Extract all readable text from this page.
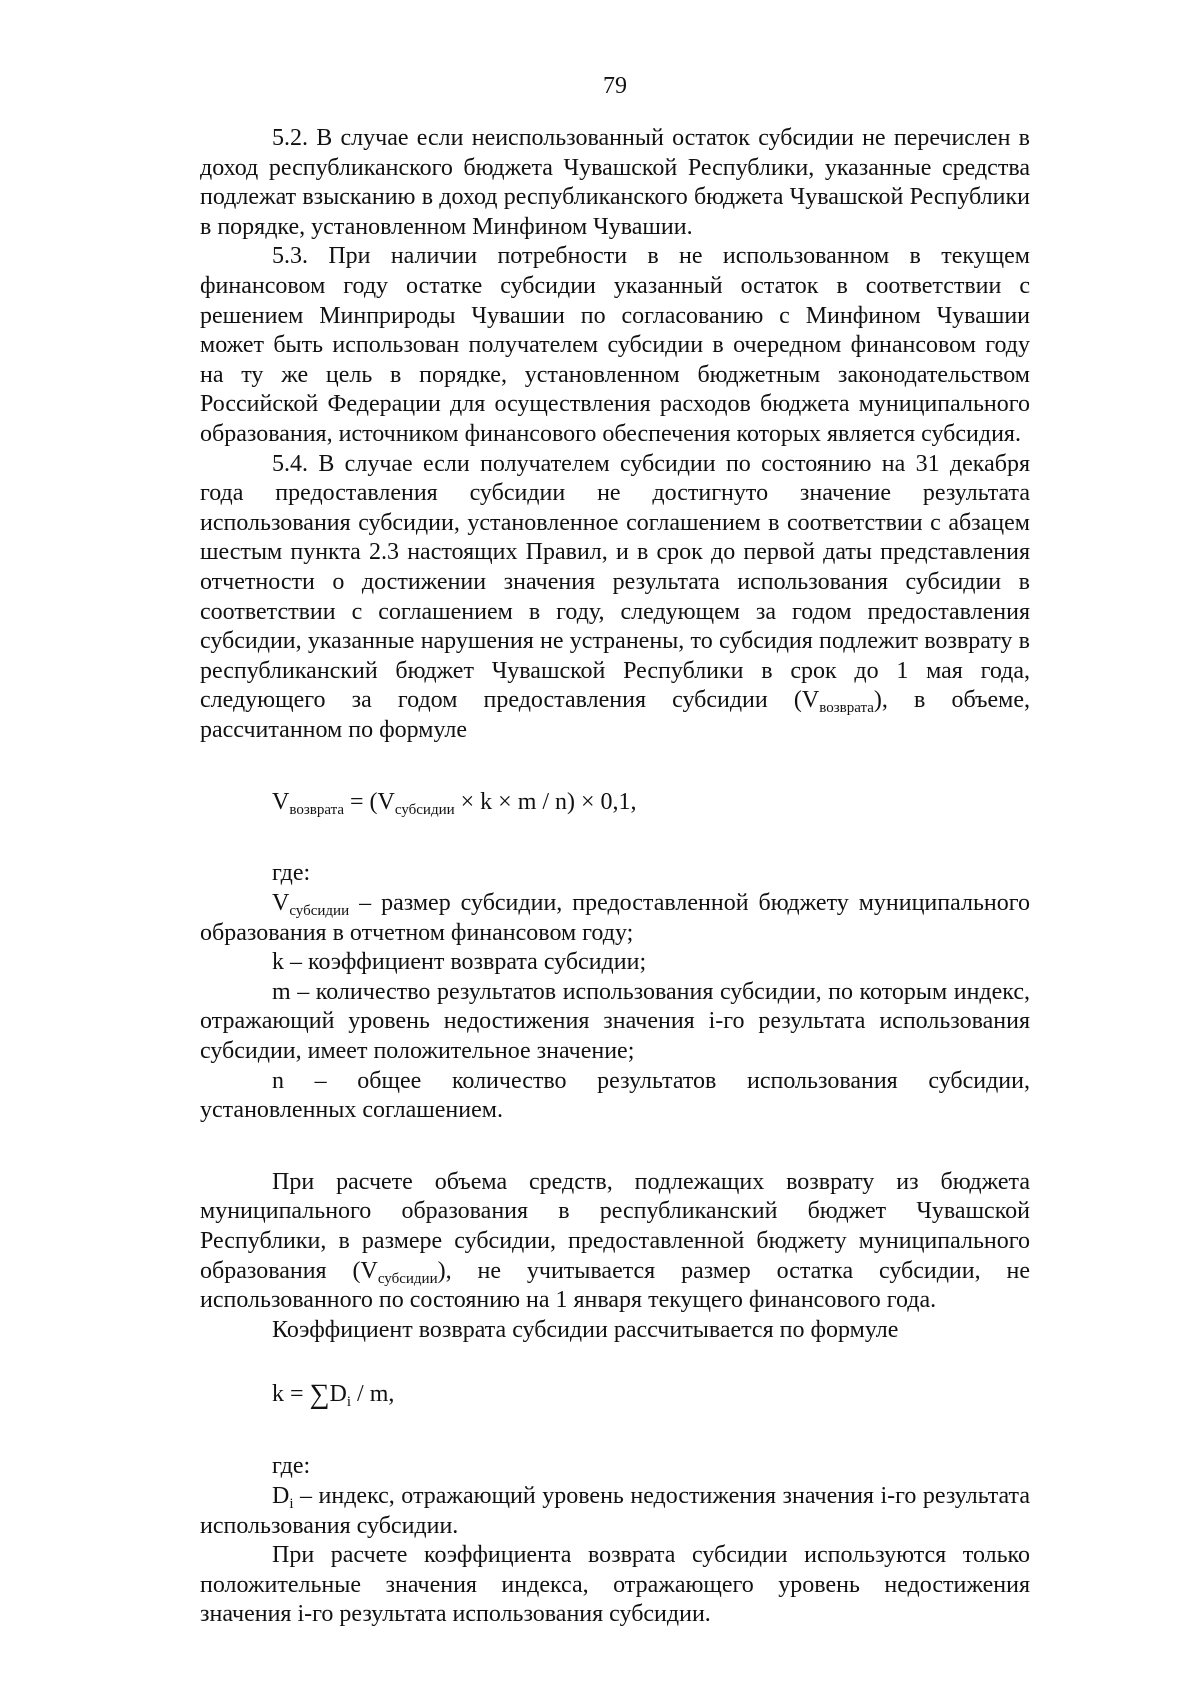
79

5.2. В случае если неиспользованный остаток субсидии не перечислен в доход республиканского бюджета Чувашской Республики, указанные средства подлежат взысканию в доход республиканского бюджета Чувашской Республики в порядке, установленном Минфином Чувашии.

5.3. При наличии потребности в не использованном в текущем финансовом году остатке субсидии указанный остаток в соответствии с решением Минприроды Чувашии по согласованию с Минфином Чувашии может быть использован получателем субсидии в очередном финансовом году на ту же цель в порядке, установленном бюджетным законодательством Российской Федерации для осуществления расходов бюджета муниципального образования, источником финансового обеспечения которых является субсидия.

5.4. В случае если получателем субсидии по состоянию на 31 декабря года предоставления субсидии не достигнуто значение результата использования субсидии, установленное соглашением в соответствии с абзацем шестым пункта 2.3 настоящих Правил, и в срок до первой даты представления отчетности о достижении значения результата использования субсидии в соответствии с соглашением в году, следующем за годом предоставления субсидии, указанные нарушения не устранены, то субсидия подлежит возврату в республиканский бюджет Чувашской Республики в срок до 1 мая года, следующего за годом предоставления субсидии $(V_{возврата})$, в объеме, рассчитанном по формуле

$V_{возврата} = (V_{субсидии} \times k \times m / n) \times 0,1$,

где:

$V_{субсидии}$ – размер субсидии, предоставленной бюджету муниципального образования в отчетном финансовом году;

k – коэффициент возврата субсидии;

m – количество результатов использования субсидии, по которым индекс, отражающий уровень недостижения значения i-го результата использования субсидии, имеет положительное значение;

n – общее количество результатов использования субсидии, установленных соглашением.

При расчете объема средств, подлежащих возврату из бюджета муниципального образования в республиканский бюджет Чувашской Республики, в размере субсидии, предоставленной бюджету муниципального образования $(V_{субсидии})$, не учитывается размер остатка субсидии, не использованного по состоянию на 1 января текущего финансового года.

Коэффициент возврата субсидии рассчитывается по формуле

$k = \sum D_i / m$,

где:

$D_i$ – индекс, отражающий уровень недостижения значения i-го результата использования субсидии.

При расчете коэффициента возврата субсидии используются только положительные значения индекса, отражающего уровень недостижения значения i-го результата использования субсидии.
